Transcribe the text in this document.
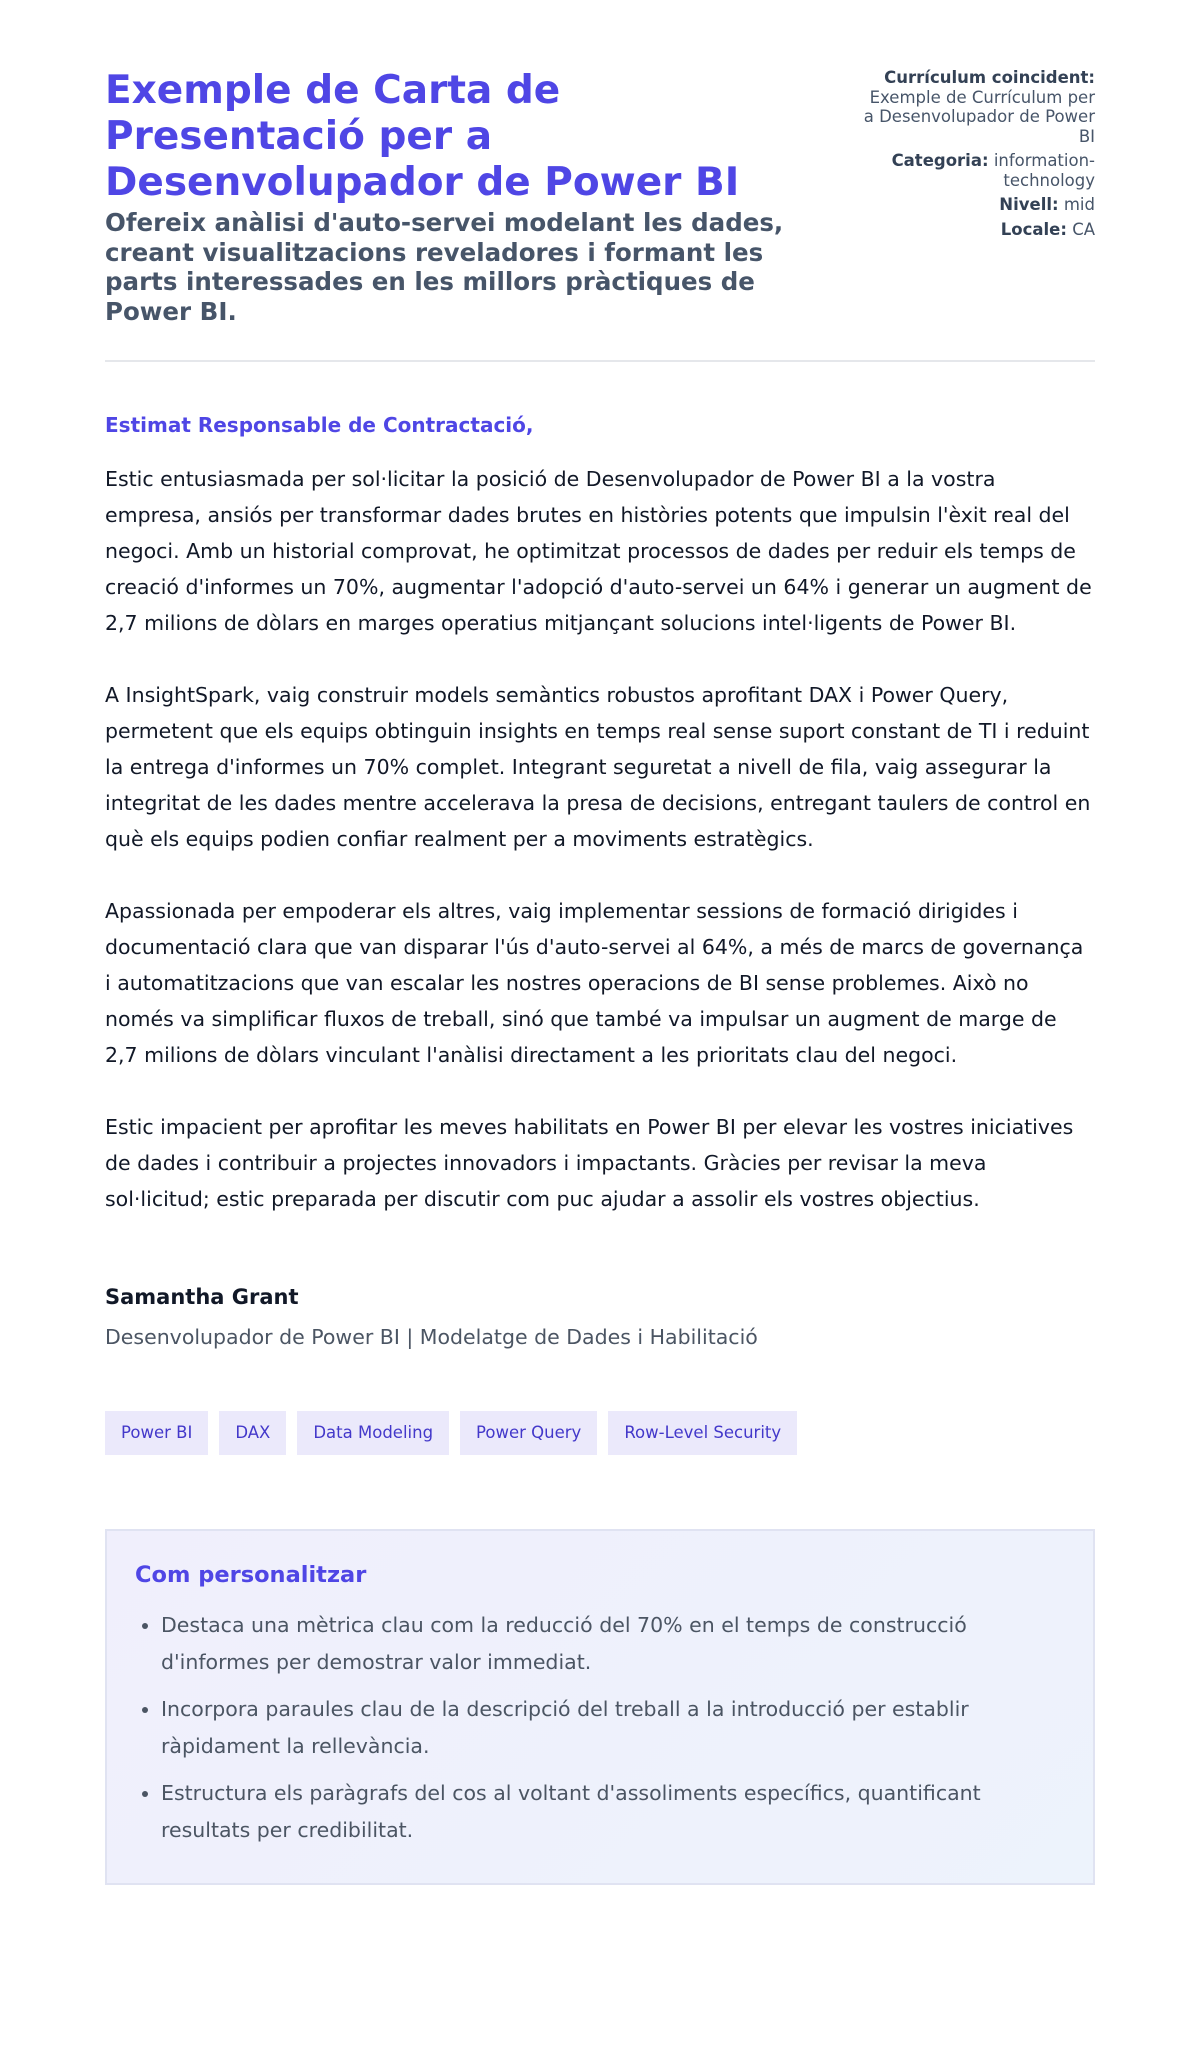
Exemple de Carta de Presentació per a Desenvolupador de Power BI

Ofereix anàlisi d'auto-servei modelant les dades, creant visualitzacions reveladores i formant les parts interessades en les millors pràctiques de Power BI.

Currículum coincident:
Exemple de Currículum per a Desenvolupador de Power BI
Categoria: information-technology
Nivell: mid
Locale: CA

Estimat Responsable de Contractació,

Estic entusiasmada per sol·licitar la posició de Desenvolupador de Power BI a la vostra empresa, ansiós per transformar dades brutes en històries potents que impulsin l'èxit real del negoci. Amb un historial comprovat, he optimitzat processos de dades per reduir els temps de creació d'informes un 70%, augmentar l'adopció d'auto-servei un 64% i generar un augment de 2,7 milions de dòlars en marges operatius mitjançant solucions intel·ligents de Power BI.

A InsightSpark, vaig construir models semàntics robustos aprofitant DAX i Power Query, permetent que els equips obtinguin insights en temps real sense suport constant de TI i reduint la entrega d'informes un 70% complet. Integrant seguretat a nivell de fila, vaig assegurar la integritat de les dades mentre accelerava la presa de decisions, entregant taulers de control en què els equips podien confiar realment per a moviments estratègics.

Apassionada per empoderar els altres, vaig implementar sessions de formació dirigides i documentació clara que van disparar l'ús d'auto-servei al 64%, a més de marcs de governança i automatitzacions que van escalar les nostres operacions de BI sense problemes. Això no només va simplificar fluxos de treball, sinó que també va impulsar un augment de marge de 2,7 milions de dòlars vinculant l'anàlisi directament a les prioritats clau del negoci.

Estic impacient per aprofitar les meves habilitats en Power BI per elevar les vostres iniciatives de dades i contribuir a projectes innovadors i impactants. Gràcies per revisar la meva sol·licitud; estic preparada per discutir com puc ajudar a assolir els vostres objectius.

Samantha Grant

Desenvolupador de Power BI | Modelatge de Dades i Habilitació

Power BI	DAX	Data Modeling	Power Query	Row-Level Security
Com personalitzar
• Destaca una mètrica clau com la reducció del 70% en el temps de construcció d'informes per demostrar valor immediat.
• Incorpora paraules clau de la descripció del treball a la introducció per establir ràpidament la rellevància.
• Estructura els paràgrafs del cos al voltant d'assoliments específics, quantificant resultats per credibilitat.
